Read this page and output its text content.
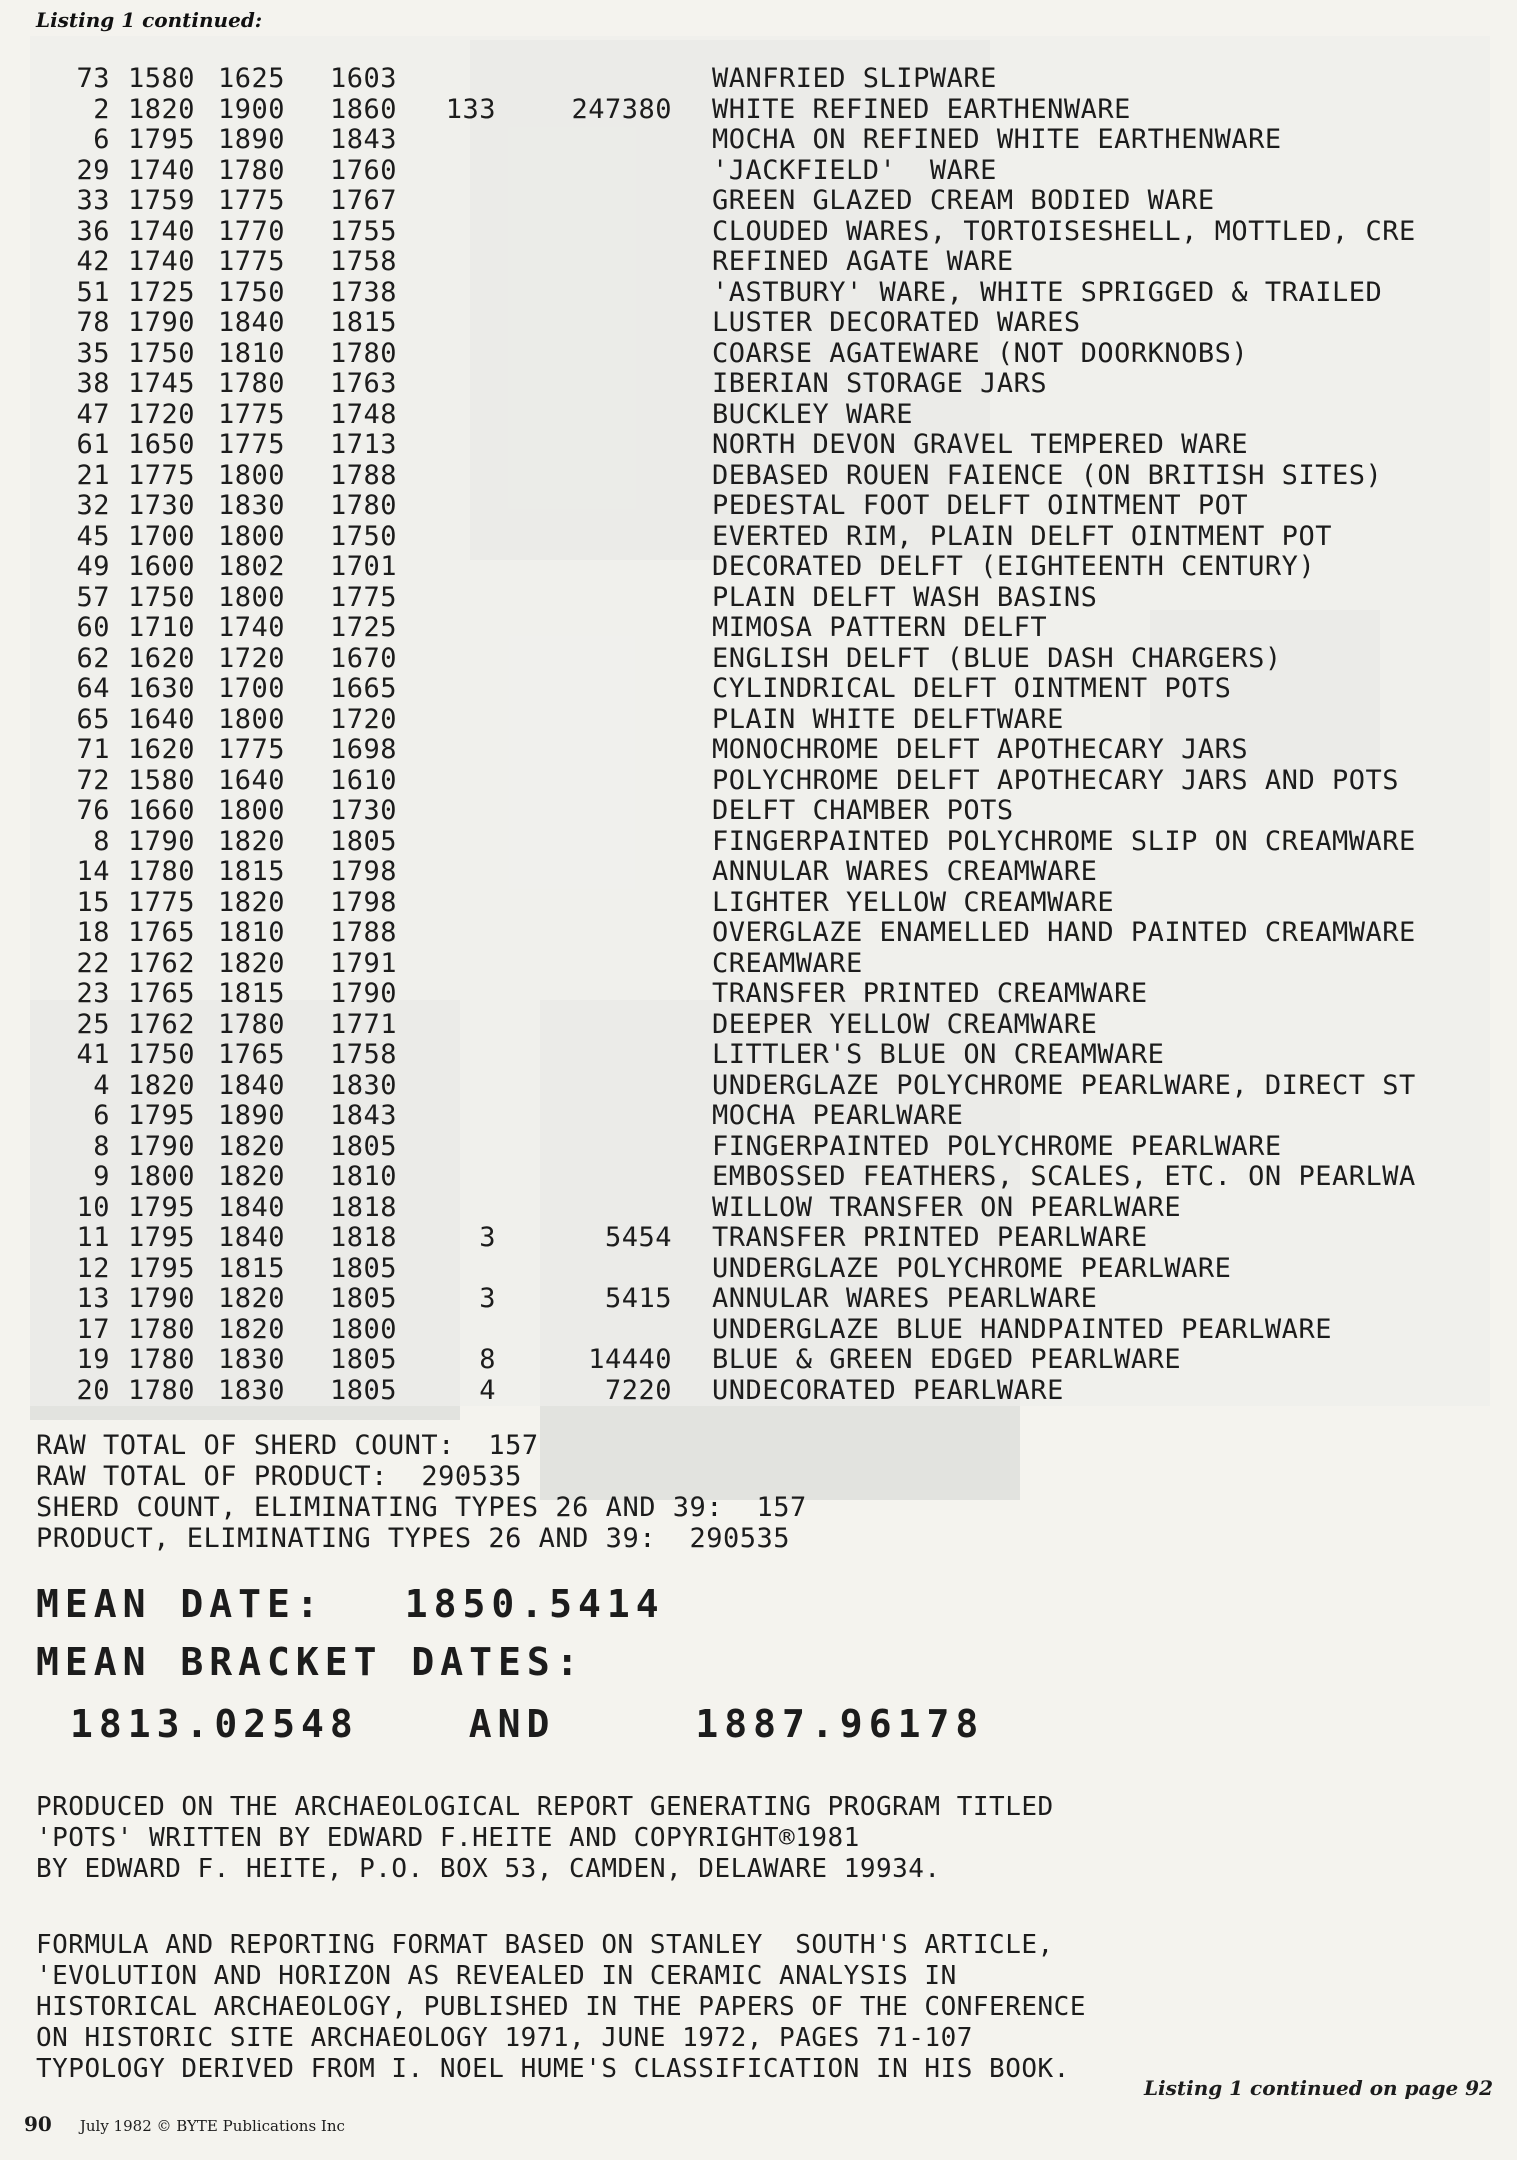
Listing 1 continued:
73 1580 1625 1603	WANFRIED SLIPWARE
2 1820 1900 1860	133	247380 WHITE REFINED EARTHENWARE
6 1795 1890 1843	MOCHA ON REFINED WHITE EARTHENWARE
29 1740 1780 1760	'JACKFIELD'  WARE
33 1759 1775 1767	GREEN GLAZED CREAM BODIED WARE
36 1740 1770 1755	CLOUDED WARES, TORTOISESHELL, MOTTLED, CRE
42 1740 1775 1758	REFINED AGATE WARE
51 1725 1750 1738	'ASTBURY' WARE, WHITE SPRIGGED & TRAILED
78 1790 1840 1815	LUSTER DECORATED WARES
35 1750 1810 1780	COARSE AGATEWARE (NOT DOORKNOBS)
38 1745 1780 1763	IBERIAN STORAGE JARS
47 1720 1775 1748	BUCKLEY WARE
61 1650 1775 1713	NORTH DEVON GRAVEL TEMPERED WARE
21 1775 1800 1788	DEBASED ROUEN FAIENCE (ON BRITISH SITES)
32 1730 1830 1780	PEDESTAL FOOT DELFT OINTMENT POT
45 1700 1800 1750	EVERTED RIM, PLAIN DELFT OINTMENT POT
49 1600 1802 1701	DECORATED DELFT (EIGHTEENTH CENTURY)
57 1750 1800 1775	PLAIN DELFT WASH BASINS
60 1710 1740 1725	MIMOSA PATTERN DELFT
62 1620 1720 1670	ENGLISH DELFT (BLUE DASH CHARGERS)
64 1630 1700 1665	CYLINDRICAL DELFT OINTMENT POTS
65 1640 1800 1720	PLAIN WHITE DELFTWARE
71 1620 1775 1698	MONOCHROME DELFT APOTHECARY JARS
72 1580 1640 1610	POLYCHROME DELFT APOTHECARY JARS AND POTS
76 1660 1800 1730	DELFT CHAMBER POTS
8 1790 1820 1805	FINGERPAINTED POLYCHROME SLIP ON CREAMWARE
14 1780 1815 1798	ANNULAR WARES CREAMWARE
15 1775 1820 1798	LIGHTER YELLOW CREAMWARE
18 1765 1810 1788	OVERGLAZE ENAMELLED HAND PAINTED CREAMWARE
22 1762 1820 1791	CREAMWARE
23 1765 1815 1790	TRANSFER PRINTED CREAMWARE
25 1762 1780 1771	DEEPER YELLOW CREAMWARE
41 1750 1765 1758	LITTLER'S BLUE ON CREAMWARE
4 1820 1840 1830	UNDERGLAZE POLYCHROME PEARLWARE, DIRECT ST
6 1795 1890 1843	MOCHA PEARLWARE
8 1790 1820 1805	FINGERPAINTED POLYCHROME PEARLWARE
9 1800 1820 1810	EMBOSSED FEATHERS, SCALES, ETC. ON PEARLWA
10 1795 1840 1818	WILLOW TRANSFER ON PEARLWARE
11 1795 1840 1818	3	5454 TRANSFER PRINTED PEARLWARE
12 1795 1815 1805	UNDERGLAZE POLYCHROME PEARLWARE
13 1790 1820 1805	3	5415 ANNULAR WARES PEARLWARE
17 1780 1820 1800	UNDERGLAZE BLUE HANDPAINTED PEARLWARE
19 1780 1830 1805	8	14440 BLUE & GREEN EDGED PEARLWARE
20 1780 1830 1805	4	7220 UNDECORATED PEARLWARE
RAW TOTAL OF SHERD COUNT:  157
RAW TOTAL OF PRODUCT:  290535
SHERD COUNT, ELIMINATING TYPES 26 AND 39:  157
PRODUCT, ELIMINATING TYPES 26 AND 39:  290535
MEAN DATE: 1850.5414
MEAN BRACKET DATES:
1813.02548	AND	1887.96178
PRODUCED ON THE ARCHAEOLOGICAL REPORT GENERATING PROGRAM TITLED
'POTS' WRITTEN BY EDWARD F.HEITE AND COPYRIGHT®1981
BY EDWARD F. HEITE, P.O. BOX 53, CAMDEN, DELAWARE 19934.
FORMULA AND REPORTING FORMAT BASED ON STANLEY  SOUTH'S ARTICLE,
'EVOLUTION AND HORIZON AS REVEALED IN CERAMIC ANALYSIS IN
HISTORICAL ARCHAEOLOGY, PUBLISHED IN THE PAPERS OF THE CONFERENCE
ON HISTORIC SITE ARCHAEOLOGY 1971, JUNE 1972, PAGES 71-107
TYPOLOGY DERIVED FROM I. NOEL HUME'S CLASSIFICATION IN HIS BOOK.
Listing 1 continued on page 92
90 July 1982 © BYTE Publications Inc
